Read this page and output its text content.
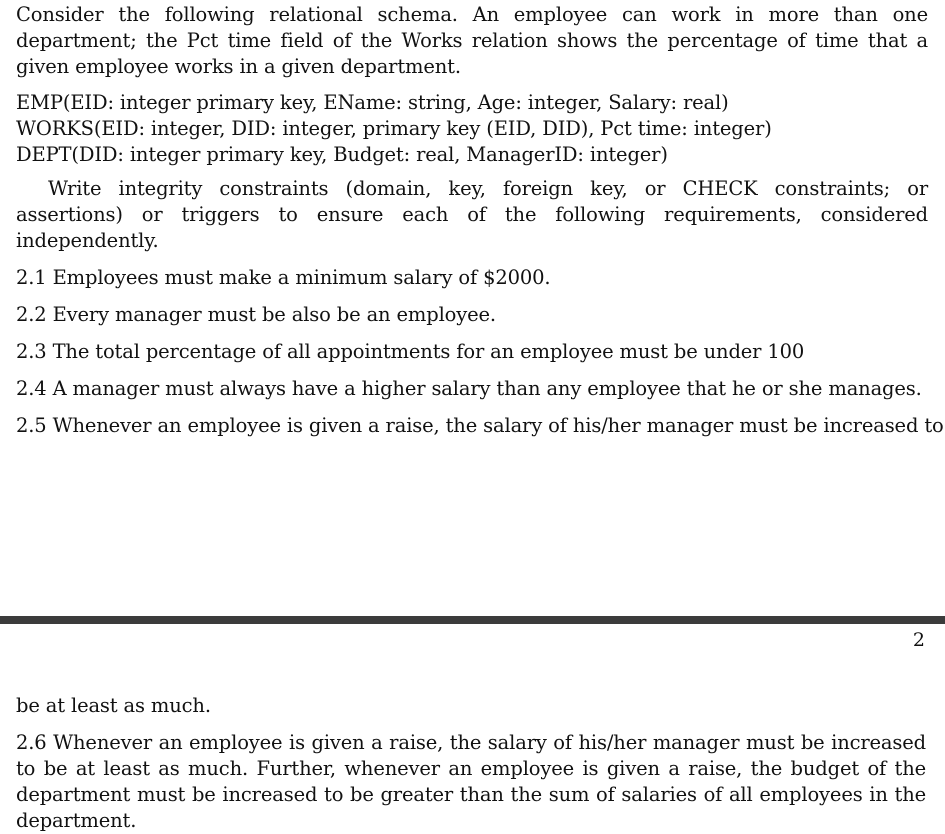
Consider the following relational schema. An employee can work in more than one department; the Pct time field of the Works relation shows the percentage of time that a given employee works in a given department.

EMP(EID: integer primary key, EName: string, Age: integer, Salary: real)
WORKS(EID: integer, DID: integer, primary key (EID, DID), Pct time: integer)
DEPT(DID: integer primary key, Budget: real, ManagerID: integer)

Write integrity constraints (domain, key, foreign key, or CHECK constraints; or assertions) or triggers to ensure each of the following requirements, considered independently.

2.1 Employees must make a minimum salary of $2000.
2.2 Every manager must be also be an employee.
2.3 The total percentage of all appointments for an employee must be under 100
2.4 A manager must always have a higher salary than any employee that he or she manages.
2.5 Whenever an employee is given a raise, the salary of his/her manager must be increased to
2

be at least as much.

2.6 Whenever an employee is given a raise, the salary of his/her manager must be increased to be at least as much. Further, whenever an employee is given a raise, the budget of the department must be increased to be greater than the sum of salaries of all employees in the department.
